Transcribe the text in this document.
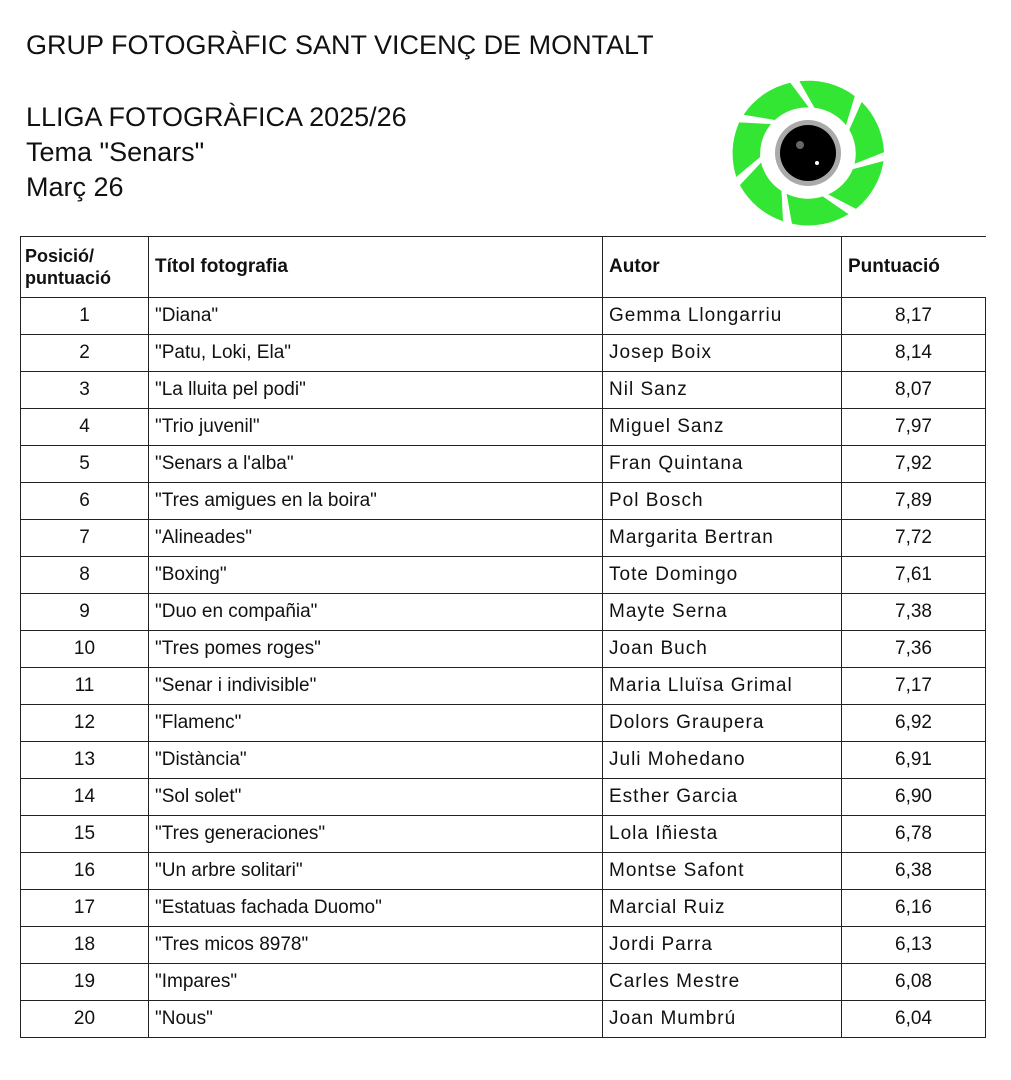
GRUP FOTOGRÀFIC SANT VICENÇ DE MONTALT
LLIGA FOTOGRÀFICA 2025/26
Tema "Senars"
Març 26
Posició/ puntuació	Títol fotografia	Autor	Puntuació
1	"Diana"	Gemma Llongarriu	8,17
2	"Patu, Loki, Ela"	Josep Boix	8,14
3	"La lluita pel podi"	Nil Sanz	8,07
4	"Trio juvenil"	Miguel Sanz	7,97
5	"Senars a l'alba"	Fran Quintana	7,92
6	"Tres amigues en la boira"	Pol Bosch	7,89
7	"Alineades"	Margarita Bertran	7,72
8	"Boxing"	Tote Domingo	7,61
9	"Duo en compañia"	Mayte Serna	7,38
10	"Tres pomes roges"	Joan Buch	7,36
11	"Senar i indivisible"	Maria Lluïsa Grimal	7,17
12	"Flamenc"	Dolors Graupera	6,92
13	"Distància"	Juli Mohedano	6,91
14	"Sol solet"	Esther Garcia	6,90
15	"Tres generaciones"	Lola Iñiesta	6,78
16	"Un arbre solitari"	Montse Safont	6,38
17	"Estatuas fachada Duomo"	Marcial Ruiz	6,16
18	"Tres micos 8978"	Jordi Parra	6,13
19	"Impares"	Carles Mestre	6,08
20	"Nous"	Joan Mumbrú	6,04
